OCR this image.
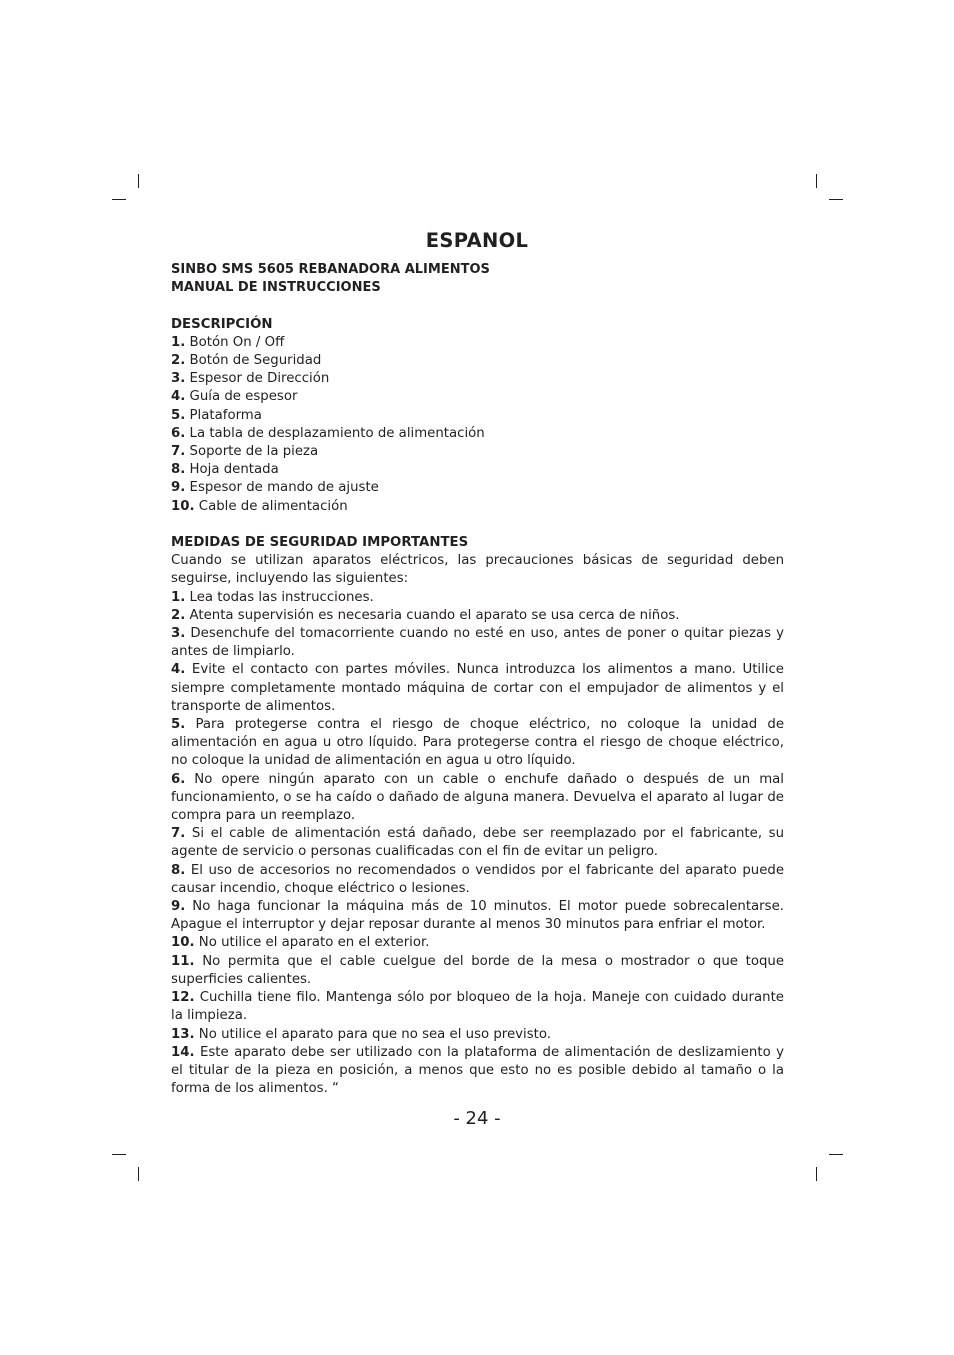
ESPANOL

SINBO SMS 5605 REBANADORA ALIMENTOS

MANUAL DE INSTRUCCIONES

DESCRIPCIÓN

1. Botón On / Off

2. Botón de Seguridad

3. Espesor de Dirección

4. Guía de espesor

5. Plataforma

6. La tabla de desplazamiento de alimentación

7. Soporte de la pieza

8. Hoja dentada

9. Espesor de mando de ajuste

10. Cable de alimentación

MEDIDAS DE SEGURIDAD IMPORTANTES

Cuando se utilizan aparatos eléctricos, las precauciones básicas de seguridad deben seguirse, incluyendo las siguientes:

1. Lea todas las instrucciones.

2. Atenta supervisión es necesaria cuando el aparato se usa cerca de niños.

3. Desenchufe del tomacorriente cuando no esté en uso, antes de poner o quitar piezas y antes de limpiarlo.

4. Evite el contacto con partes móviles. Nunca introduzca los alimentos a mano. Utilice siempre completamente montado máquina de cortar con el empujador de alimentos y el transporte de alimentos.

5. Para protegerse contra el riesgo de choque eléctrico, no coloque la unidad de alimentación en agua u otro líquido. Para protegerse contra el riesgo de choque eléctrico, no coloque la unidad de alimentación en agua u otro líquido.

6. No opere ningún aparato con un cable o enchufe dañado o después de un mal funcionamiento, o se ha caído o dañado de alguna manera. Devuelva el aparato al lugar de compra para un reemplazo.

7. Si el cable de alimentación está dañado, debe ser reemplazado por el fabricante, su agente de servicio o personas cualificadas con el fin de evitar un peligro.

8. El uso de accesorios no recomendados o vendidos por el fabricante del aparato puede causar incendio, choque eléctrico o lesiones.

9. No haga funcionar la máquina más de 10 minutos. El motor puede sobrecalentarse. Apague el interruptor y dejar reposar durante al menos 30 minutos para enfriar el motor.

10. No utilice el aparato en el exterior.

11. No permita que el cable cuelgue del borde de la mesa o mostrador o que toque superficies calientes.

12. Cuchilla tiene filo. Mantenga sólo por bloqueo de la hoja. Maneje con cuidado durante la limpieza.

13. No utilice el aparato para que no sea el uso previsto.

14. Este aparato debe ser utilizado con la plataforma de alimentación de deslizamiento y el titular de la pieza en posición, a menos que esto no es posible debido al tamaño o la forma de los alimentos. “

- 24 -
